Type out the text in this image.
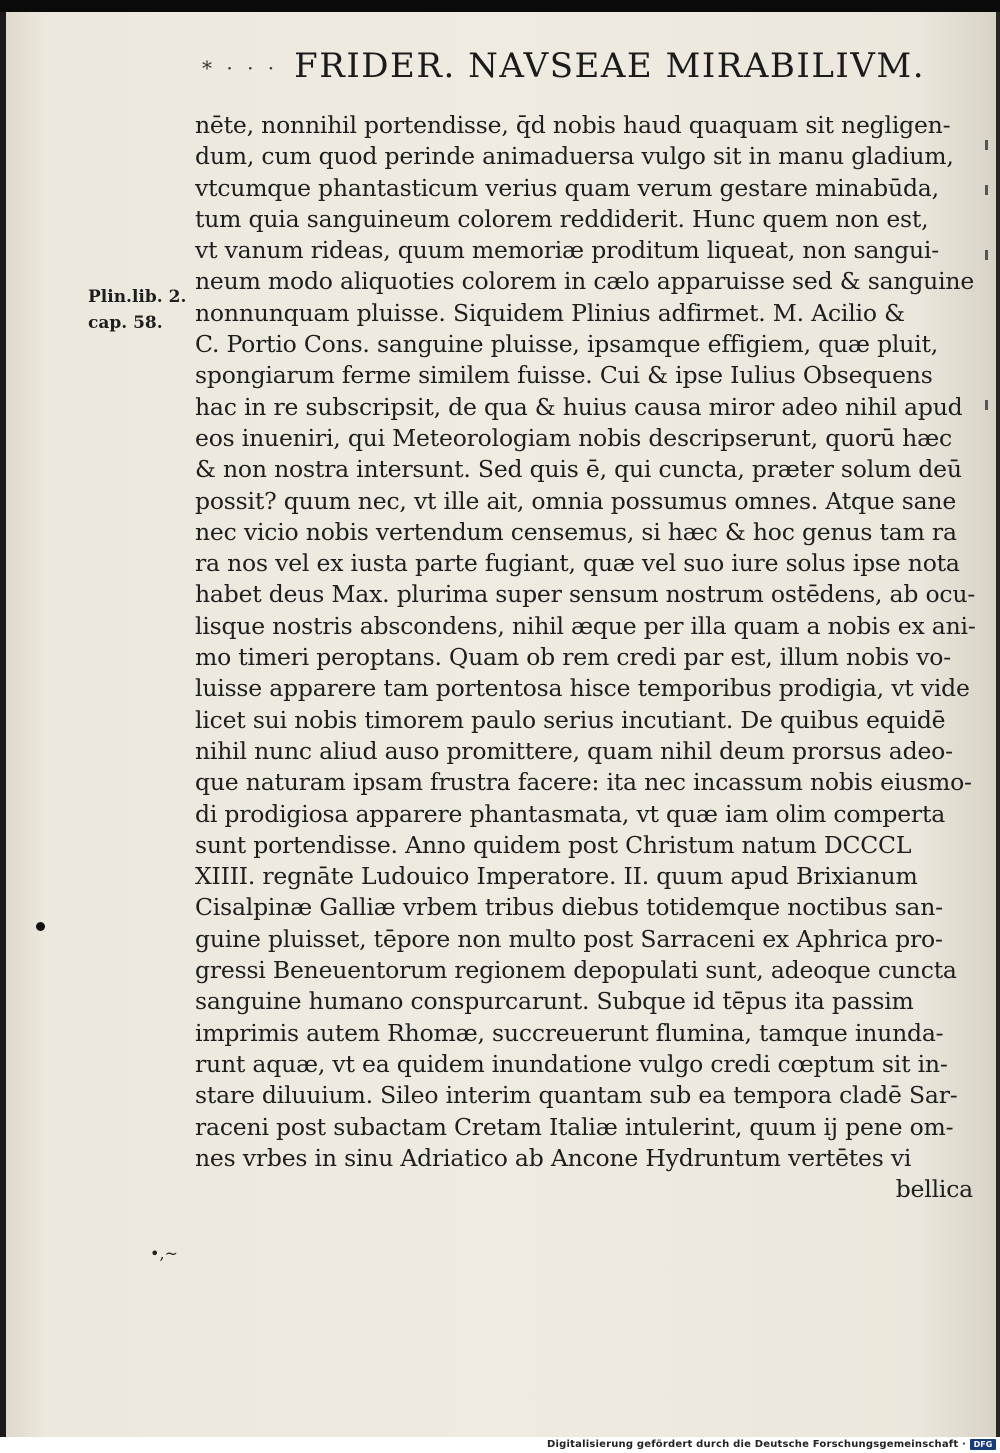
* · · · FRIDER. NAVSEAE MIRABILIVM.
Plin.lib. 2.
cap. 58.
•,~
nēte, nonnihil portendisse, q̄d nobis haud quaquam sit negligen-
dum, cum quod perinde animaduersa vulgo sit in manu gladium,
vtcumque phantasticum verius quam verum gestare minabūda,
tum quia sanguineum colorem reddiderit. Hunc quem non est,
vt vanum rideas, quum memoriæ proditum liqueat, non sangui-
neum modo aliquoties colorem in cælo apparuisse sed & sanguine
nonnunquam pluisse. Siquidem Plinius adfirmet. M. Acilio &
C. Portio Cons. sanguine pluisse, ipsamque effigiem, quæ pluit,
spongiarum ferme similem fuisse. Cui & ipse Iulius Obsequens
hac in re subscripsit, de qua & huius causa miror adeo nihil apud
eos inueniri, qui Meteorologiam nobis descripserunt, quorū hæc
& non nostra intersunt. Sed quis ē, qui cuncta, præter solum deū
possit? quum nec, vt ille ait, omnia possumus omnes. Atque sane
nec vicio nobis vertendum censemus, si hæc & hoc genus tam ra
ra nos vel ex iusta parte fugiant, quæ vel suo iure solus ipse nota
habet deus Max. plurima super sensum nostrum ostēdens, ab ocu-
lisque nostris abscondens, nihil æque per illa quam a nobis ex ani-
mo timeri peroptans. Quam ob rem credi par est, illum nobis vo-
luisse apparere tam portentosa hisce temporibus prodigia, vt vide
licet sui nobis timorem paulo serius incutiant. De quibus equidē
nihil nunc aliud auso promittere, quam nihil deum prorsus adeo-
que naturam ipsam frustra facere: ita nec incassum nobis eiusmo-
di prodigiosa apparere phantasmata, vt quæ iam olim comperta
sunt portendisse. Anno quidem post Christum natum DCCCL
XIIII. regnāte Ludouico Imperatore. II. quum apud Brixianum
Cisalpinæ Galliæ vrbem tribus diebus totidemque noctibus san-
guine pluisset, tēpore non multo post Sarraceni ex Aphrica pro-
gressi Beneuentorum regionem depopulati sunt, adeoque cuncta
sanguine humano conspurcarunt. Subque id tēpus ita passim
imprimis autem Rhomæ, succreuerunt flumina, tamque inunda-
runt aquæ, vt ea quidem inundatione vulgo credi cœptum sit in-
stare diluuium. Sileo interim quantam sub ea tempora cladē Sar-
raceni post subactam Cretam Italiæ intulerint, quum ij pene om-
nes vrbes in sinu Adriatico ab Ancone Hydruntum vertētes vi
bellica
Digitalisierung gefördert durch die Deutsche Forschungsgemeinschaft · DFG
